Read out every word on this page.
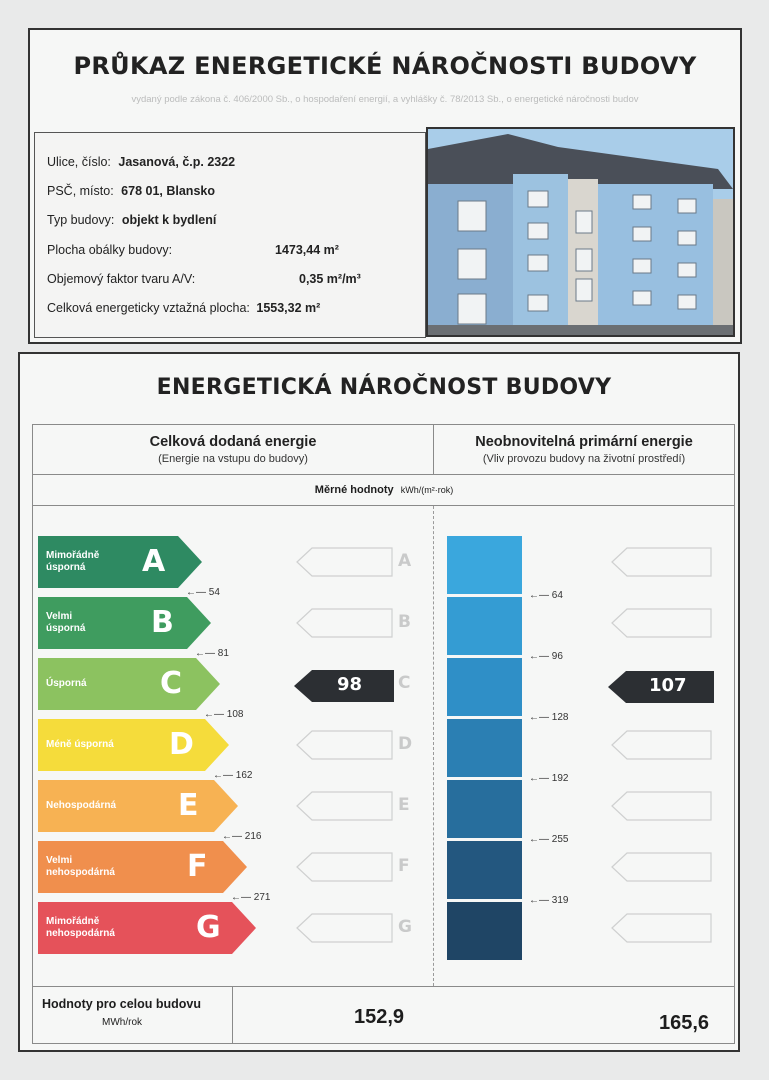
PRŮKAZ ENERGETICKÉ NÁROČNOSTI BUDOVY
vydaný podle zákona č. 406/2000 Sb., o hospodaření energií, a vyhlášky č. 78/2013 Sb., o energetické náročnosti budov
Ulice, číslo: Jasanová, č.p. 2322
PSČ, místo: 678 01, Blansko
Typ budovy: objekt k bydlení
Plocha obálky budovy:	1473,44 m²
Objemový faktor tvaru A/V:	0,35 m²/m³
Celková energeticky vztažná plocha: 1553,32 m²
ENERGETICKÁ NÁROČNOST BUDOVY
Celková dodaná energie
(Energie na vstupu do budovy)
Neobnovitelná primární energie
(Vliv provozu budovy na životní prostředí)
Měrné hodnoty kWh/(m²·rok)
Mimořádně
úsporná	A
Velmi
úsporná B
Úsporná C
Méně úsporná D
Nehospodárná E
Velmi
nehospodárná F
Mimořádně
nehospodárná	G
←— 54
←— 81
←— 108
←— 162
←— 216
←— 271
A
B
C
D
E
F
G
←— 64
←— 96
←— 128
←— 192
←— 255
←— 319
98	107
Hodnoty pro celou budovu
MWh/rok	152,9	165,6
